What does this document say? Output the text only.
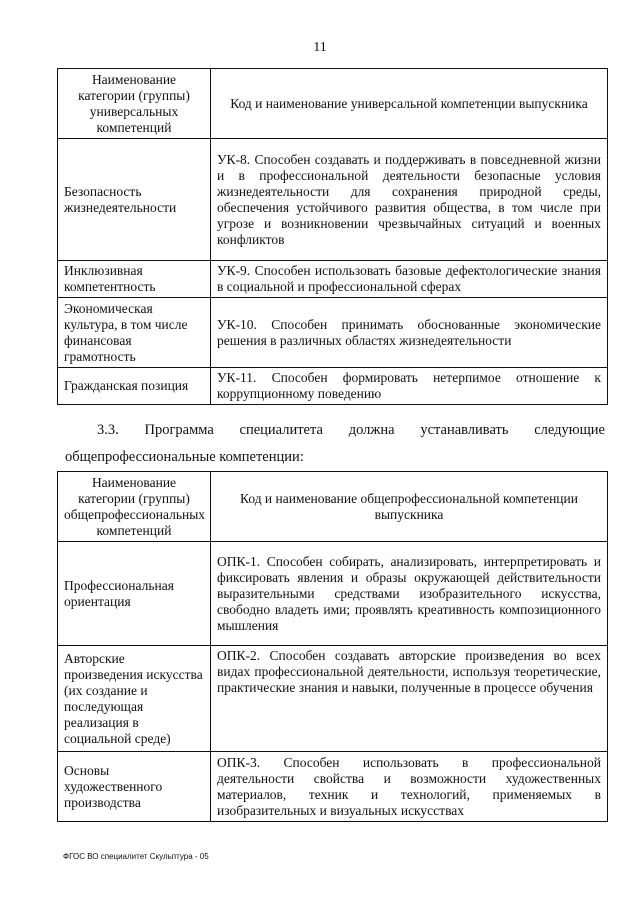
11
Наименование категории (группы) универсальных компетенций	Код и наименование универсальной компетенции выпускника
Безопасность жизнедеятельности	УК-8. Способен создавать и поддерживать в повседневной жизни и в профессиональной деятельности безопасные условия жизнедеятельности для сохранения природной среды, обеспечения устойчивого развития общества, в том числе при угрозе и возникновении чрезвычайных ситуаций и военных конфликтов
Инклюзивная компетентность	УК-9. Способен использовать базовые дефектологические знания в социальной и профессиональной сферах
Экономическая культура, в том числе финансовая грамотность	УК-10. Способен принимать обоснованные экономические решения в различных областях жизнедеятельности
Гражданская позиция	УК-11. Способен формировать нетерпимое отношение к коррупционному поведению
3.3. Программа специалитета должна устанавливать следующие
общепрофессиональные компетенции:
Наименование категории (группы) общепрофессиональных компетенций	Код и наименование общепрофессиональной компетенции выпускника
Профессиональная ориентация	ОПК-1. Способен собирать, анализировать, интерпретировать и фиксировать явления и образы окружающей действительности выразительными средствами изобразительного искусства, свободно владеть ими; проявлять креативность композиционного мышления
Авторские произведения искусства (их создание и последующая реализация в социальной среде)	ОПК-2. Способен создавать авторские произведения во всех видах профессиональной деятельности, используя теоретические, практические знания и навыки, полученные в процессе обучения
Основы художественного производства	ОПК-3. Способен использовать в профессиональной деятельности свойства и возможности художественных материалов, техник и технологий, применяемых в изобразительных и визуальных искусствах
ФГОС ВО специалитет Скульптура - 05
